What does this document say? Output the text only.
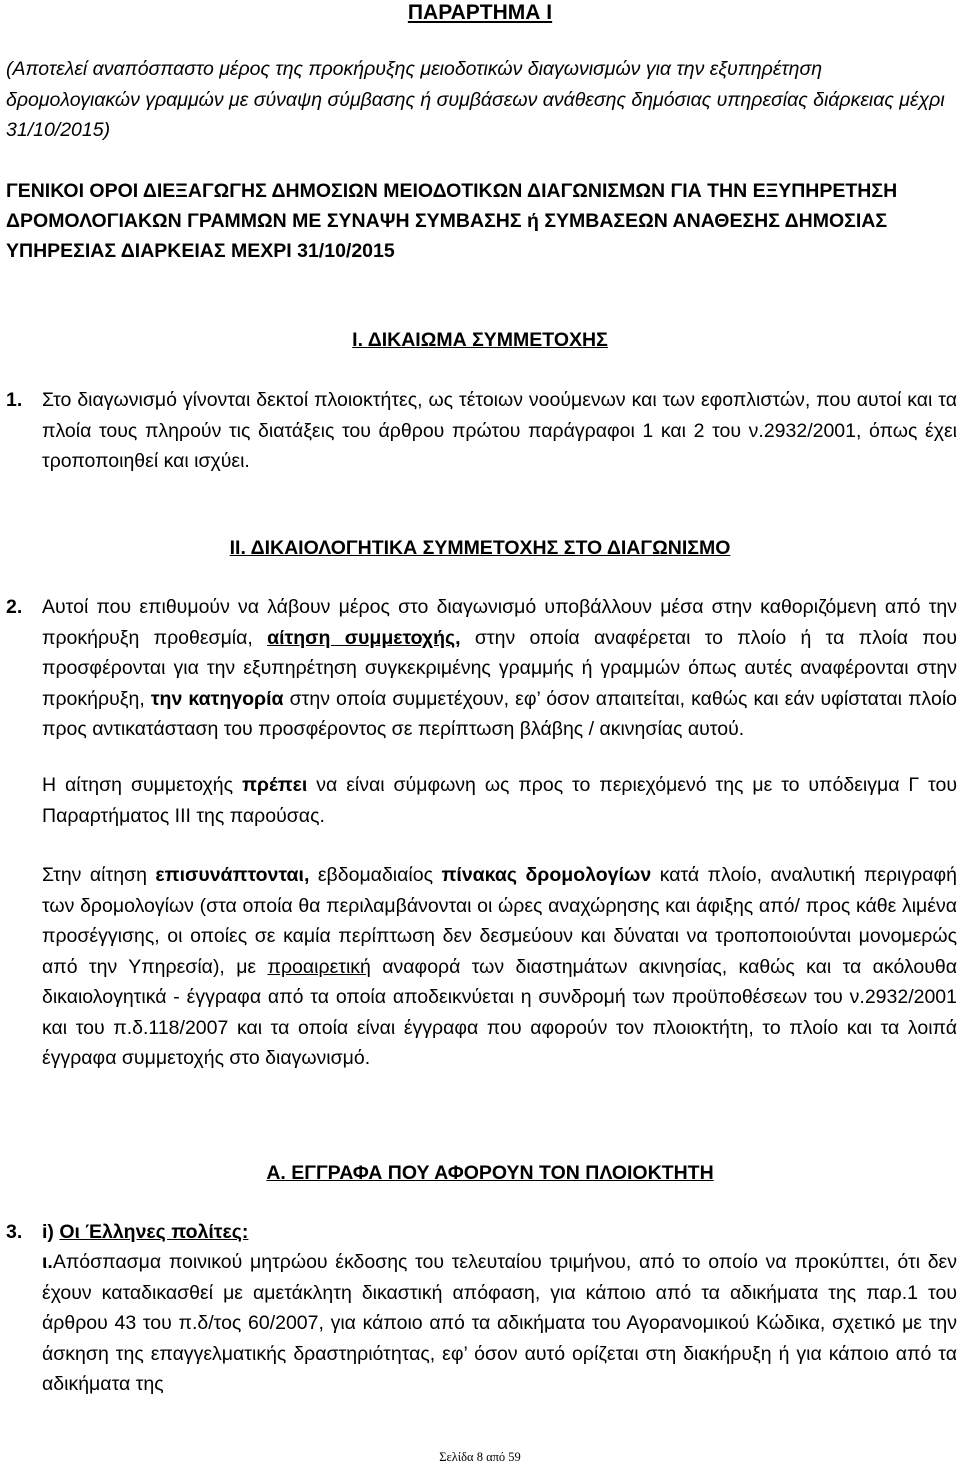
ΠΑΡΑΡΤΗΜΑ Ι
(Αποτελεί αναπόσπαστο μέρος της προκήρυξης μειοδοτικών διαγωνισμών για την εξυπηρέτηση δρομολογιακών γραμμών με σύναψη σύμβασης ή συμβάσεων ανάθεσης δημόσιας υπηρεσίας διάρκειας μέχρι 31/10/2015)
ΓΕΝΙΚΟΙ ΟΡΟΙ ΔΙΕΞΑΓΩΓΗΣ ΔΗΜΟΣΙΩΝ ΜΕΙΟΔΟΤΙΚΩΝ ΔΙΑΓΩΝΙΣΜΩΝ ΓΙΑ ΤΗΝ ΕΞΥΠΗΡΕΤΗΣΗ ΔΡΟΜΟΛΟΓΙΑΚΩΝ ΓΡΑΜΜΩΝ ΜΕ ΣΥΝΑΨΗ ΣΥΜΒΑΣΗΣ ή ΣΥΜΒΑΣΕΩΝ ΑΝΑΘΕΣΗΣ ΔΗΜΟΣΙΑΣ ΥΠΗΡΕΣΙΑΣ ΔΙΑΡΚΕΙΑΣ ΜΕΧΡΙ 31/10/2015
Ι. ΔΙΚΑΙΩΜΑ ΣΥΜΜΕΤΟΧΗΣ
1. Στο διαγωνισμό γίνονται δεκτοί πλοιοκτήτες, ως τέτοιων νοούμενων και των εφοπλιστών, που αυτοί και τα πλοία τους πληρούν τις διατάξεις του άρθρου πρώτου παράγραφοι 1 και 2 του ν.2932/2001, όπως έχει τροποποιηθεί και ισχύει.
ΙΙ. ΔΙΚΑΙΟΛΟΓΗΤΙΚΑ ΣΥΜΜΕΤΟΧΗΣ ΣΤΟ ΔΙΑΓΩΝΙΣΜΟ
2. Αυτοί που επιθυμούν να λάβουν μέρος στο διαγωνισμό υποβάλλουν μέσα στην καθοριζόμενη από την προκήρυξη προθεσμία, αίτηση συμμετοχής, στην οποία αναφέρεται το πλοίο ή τα πλοία που προσφέρονται για την εξυπηρέτηση συγκεκριμένης γραμμής ή γραμμών όπως αυτές αναφέρονται στην προκήρυξη, την κατηγορία στην οποία συμμετέχουν, εφ’ όσον απαιτείται, καθώς και εάν υφίσταται πλοίο προς αντικατάσταση του προσφέροντος σε περίπτωση βλάβης / ακινησίας αυτού.
Η αίτηση συμμετοχής πρέπει να είναι σύμφωνη ως προς το περιεχόμενό της με το υπόδειγμα Γ του Παραρτήματος ΙΙΙ της παρούσας.
Στην αίτηση επισυνάπτονται, εβδομαδιαίος πίνακας δρομολογίων κατά πλοίο, αναλυτική περιγραφή των δρομολογίων (στα οποία θα περιλαμβάνονται οι ώρες αναχώρησης και άφιξης από/ προς κάθε λιμένα προσέγγισης, οι οποίες σε καμία περίπτωση δεν δεσμεύουν και δύναται να τροποποιούνται μονομερώς από την Υπηρεσία), με προαιρετική αναφορά των διαστημάτων ακινησίας, καθώς και τα ακόλουθα δικαιολογητικά - έγγραφα από τα οποία αποδεικνύεται η συνδρομή των προϋποθέσεων του ν.2932/2001 και του π.δ.118/2007 και τα οποία είναι έγγραφα που αφορούν τον πλοιοκτήτη, το πλοίο και τα λοιπά έγγραφα συμμετοχής στο διαγωνισμό.
Α. ΕΓΓΡΑΦΑ ΠΟΥ ΑΦΟΡΟΥΝ ΤΟΝ ΠΛΟΙΟΚΤΗΤΗ
3. i) Οι Έλληνες πολίτες:
ι.Απόσπασμα ποινικού μητρώου έκδοσης του τελευταίου τριμήνου, από το οποίο να προκύπτει, ότι δεν έχουν καταδικασθεί με αμετάκλητη δικαστική απόφαση, για κάποιο από τα αδικήματα της παρ.1 του άρθρου 43 του π.δ/τος 60/2007, για κάποιο από τα αδικήματα του Αγορανομικού Κώδικα, σχετικό με την άσκηση της επαγγελματικής δραστηριότητας, εφ’ όσον αυτό ορίζεται στη διακήρυξη ή για κάποιο από τα αδικήματα της
Σελίδα 8 από 59
